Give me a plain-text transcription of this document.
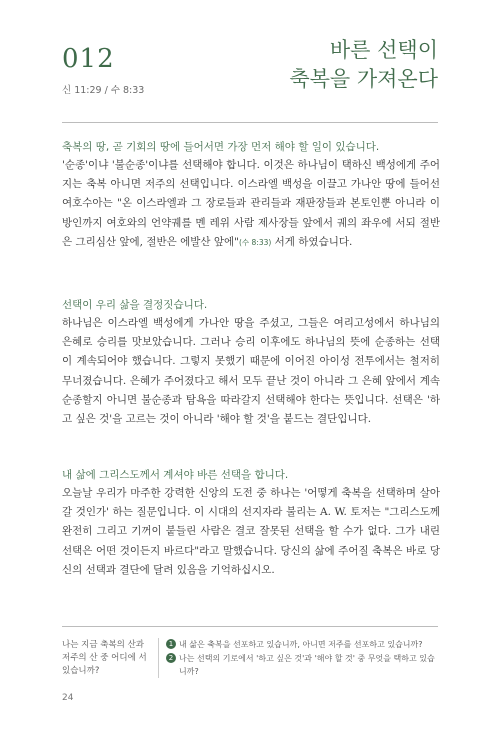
012
신 11:29 / 수 8:33
바른 선택이
축복을 가져온다
축복의 땅, 곧 기회의 땅에 들어서면 가장 먼저 해야 할 일이 있습니다.
'순종'이냐 '불순종'이냐를 선택해야 합니다. 이것은 하나님이 택하신 백성에게 주어지는 축복 아니면 저주의 선택입니다. 이스라엘 백성을 이끌고 가나안 땅에 들어선 여호수아는 "온 이스라엘과 그 장로들과 관리들과 재판장들과 본토인뿐 아니라 이방인까지 여호와의 언약궤를 멘 레위 사람 제사장들 앞에서 궤의 좌우에 서되 절반은 그리심산 앞에, 절반은 에발산 앞에"(수 8:33) 서게 하였습니다.
선택이 우리 삶을 결정짓습니다.
하나님은 이스라엘 백성에게 가나안 땅을 주셨고, 그들은 여리고성에서 하나님의 은혜로 승리를 맛보았습니다. 그러나 승리 이후에도 하나님의 뜻에 순종하는 선택이 계속되어야 했습니다. 그렇지 못했기 때문에 이어진 아이성 전투에서는 철저히 무너졌습니다. 은혜가 주어졌다고 해서 모두 끝난 것이 아니라 그 은혜 앞에서 계속 순종할지 아니면 불순종과 탐욕을 따라갈지 선택해야 한다는 뜻입니다. 선택은 '하고 싶은 것'을 고르는 것이 아니라 '해야 할 것'을 붙드는 결단입니다.
내 삶에 그리스도께서 계셔야 바른 선택을 합니다.
오늘날 우리가 마주한 강력한 신앙의 도전 중 하나는 '어떻게 축복을 선택하며 살아갈 것인가' 하는 질문입니다. 이 시대의 선지자라 불리는 A. W. 토저는 "그리스도께 완전히 그리고 기꺼이 붙들린 사람은 결코 잘못된 선택을 할 수가 없다. 그가 내린 선택은 어떤 것이든지 바르다"라고 말했습니다. 당신의 삶에 주어질 축복은 바로 당신의 선택과 결단에 달려 있음을 기억하십시오.
나는 지금 축복의 산과 저주의 산 중 어디에 서 있습니까?
1 내 삶은 축복을 선포하고 있습니까, 아니면 저주를 선포하고 있습니까?
2 나는 선택의 기로에서 '하고 싶은 것'과 '해야 할 것' 중 무엇을 택하고 있습니까?
24
